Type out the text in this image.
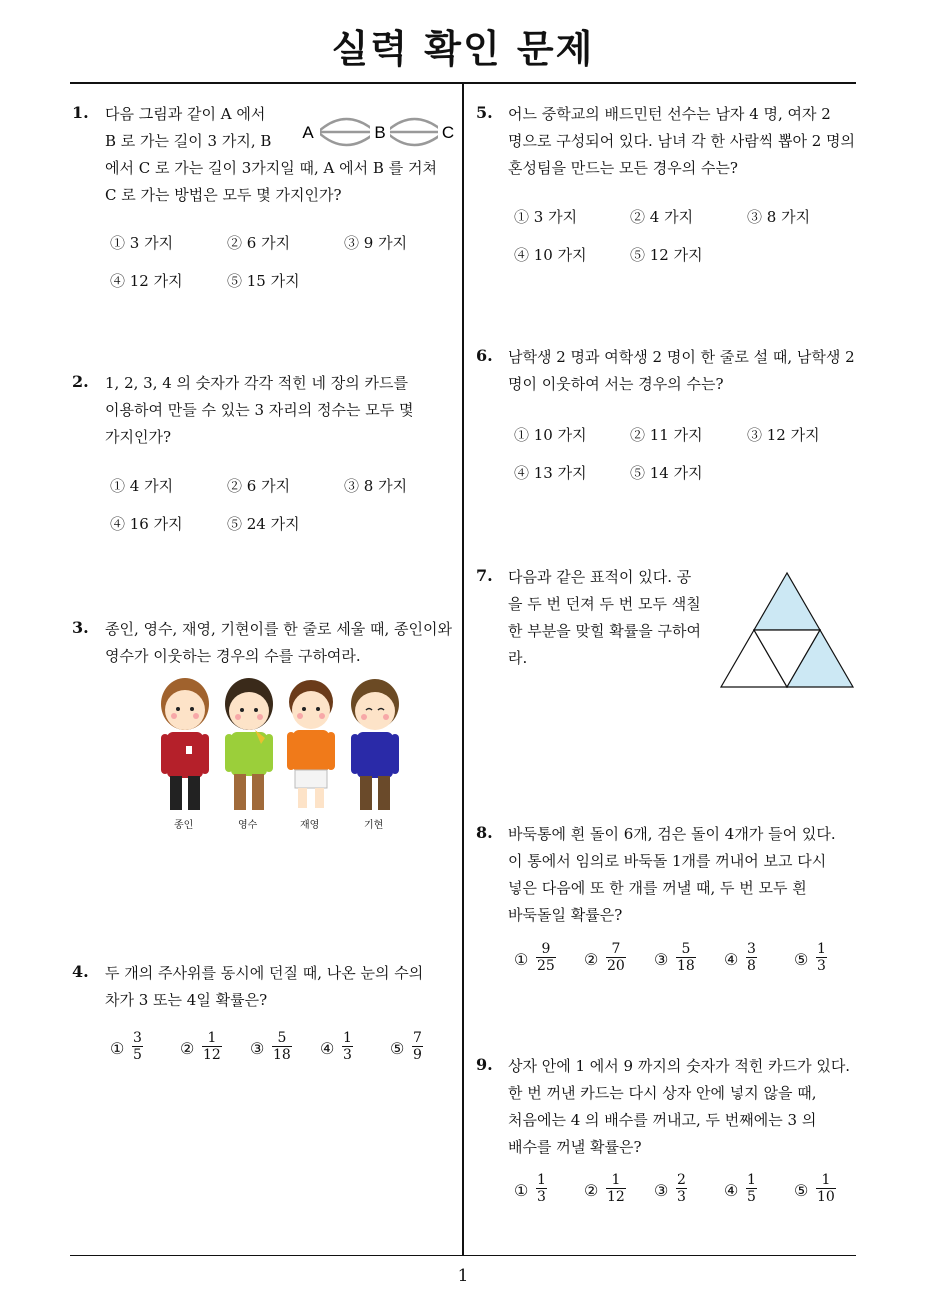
실력 확인 문제
1
1. 다음 그림과 같이 A 에서
B 로 가는 길이 3 가지, B
에서 C 로 가는 길이 3가지일 때, A 에서 B 를 거쳐
C 로 가는 방법은 모두 몇 가지인가?
A	B	C
① 3 가지	② 6 가지	③ 9 가지
④ 12 가지	⑤ 15 가지
2. 1, 2, 3, 4 의 숫자가 각각 적힌 네 장의 카드를
이용하여 만들 수 있는 3 자리의 정수는 모두 몇
가지인가?
① 4 가지	② 6 가지	③ 8 가지
④ 16 가지	⑤ 24 가지
3. 종인, 영수, 재영, 기현이를 한 줄로 세울 때, 종인이와
영수가 이웃하는 경우의 수를 구하여라.
종인	영수	재영	기현
4. 두 개의 주사위를 동시에 던질 때, 나온 눈의 수의
차가 3 또는 4일 확률은?
① $\frac{3}{5}$ ② $\frac{1}{12}$ ③ $\frac{5}{18}$ ④ $\frac{1}{3}$ ⑤ $\frac{7}{9}$
5. 어느 중학교의 배드민턴 선수는 남자 4 명, 여자 2
명으로 구성되어 있다. 남녀 각 한 사람씩 뽑아 2 명의
혼성팀을 만드는 모든 경우의 수는?
① 3 가지	② 4 가지	③ 8 가지
④ 10 가지	⑤ 12 가지
6. 남학생 2 명과 여학생 2 명이 한 줄로 설 때, 남학생 2
명이 이웃하여 서는 경우의 수는?
① 10 가지	② 11 가지	③ 12 가지
④ 13 가지	⑤ 14 가지
7. 다음과 같은 표적이 있다. 공
을 두 번 던져 두 번 모두 색칠
한 부분을 맞힐 확률을 구하여
라.
8. 바둑통에 흰 돌이 6개, 검은 돌이 4개가 들어 있다.
이 통에서 임의로 바둑돌 1개를 꺼내어 보고 다시
넣은 다음에 또 한 개를 꺼낼 때, 두 번 모두 흰
바둑돌일 확률은?
① $\frac{9}{25}$ ② $\frac{7}{20}$ ③ $\frac{5}{18}$ ④ $\frac{3}{8}$ ⑤ $\frac{1}{3}$
9. 상자 안에 1 에서 9 까지의 숫자가 적힌 카드가 있다.
한 번 꺼낸 카드는 다시 상자 안에 넣지 않을 때,
처음에는 4 의 배수를 꺼내고, 두 번째에는 3 의
배수를 꺼낼 확률은?
① $\frac{1}{3}$ ② $\frac{1}{12}$ ③ $\frac{2}{3}$ ④ $\frac{1}{5}$ ⑤ $\frac{1}{10}$
